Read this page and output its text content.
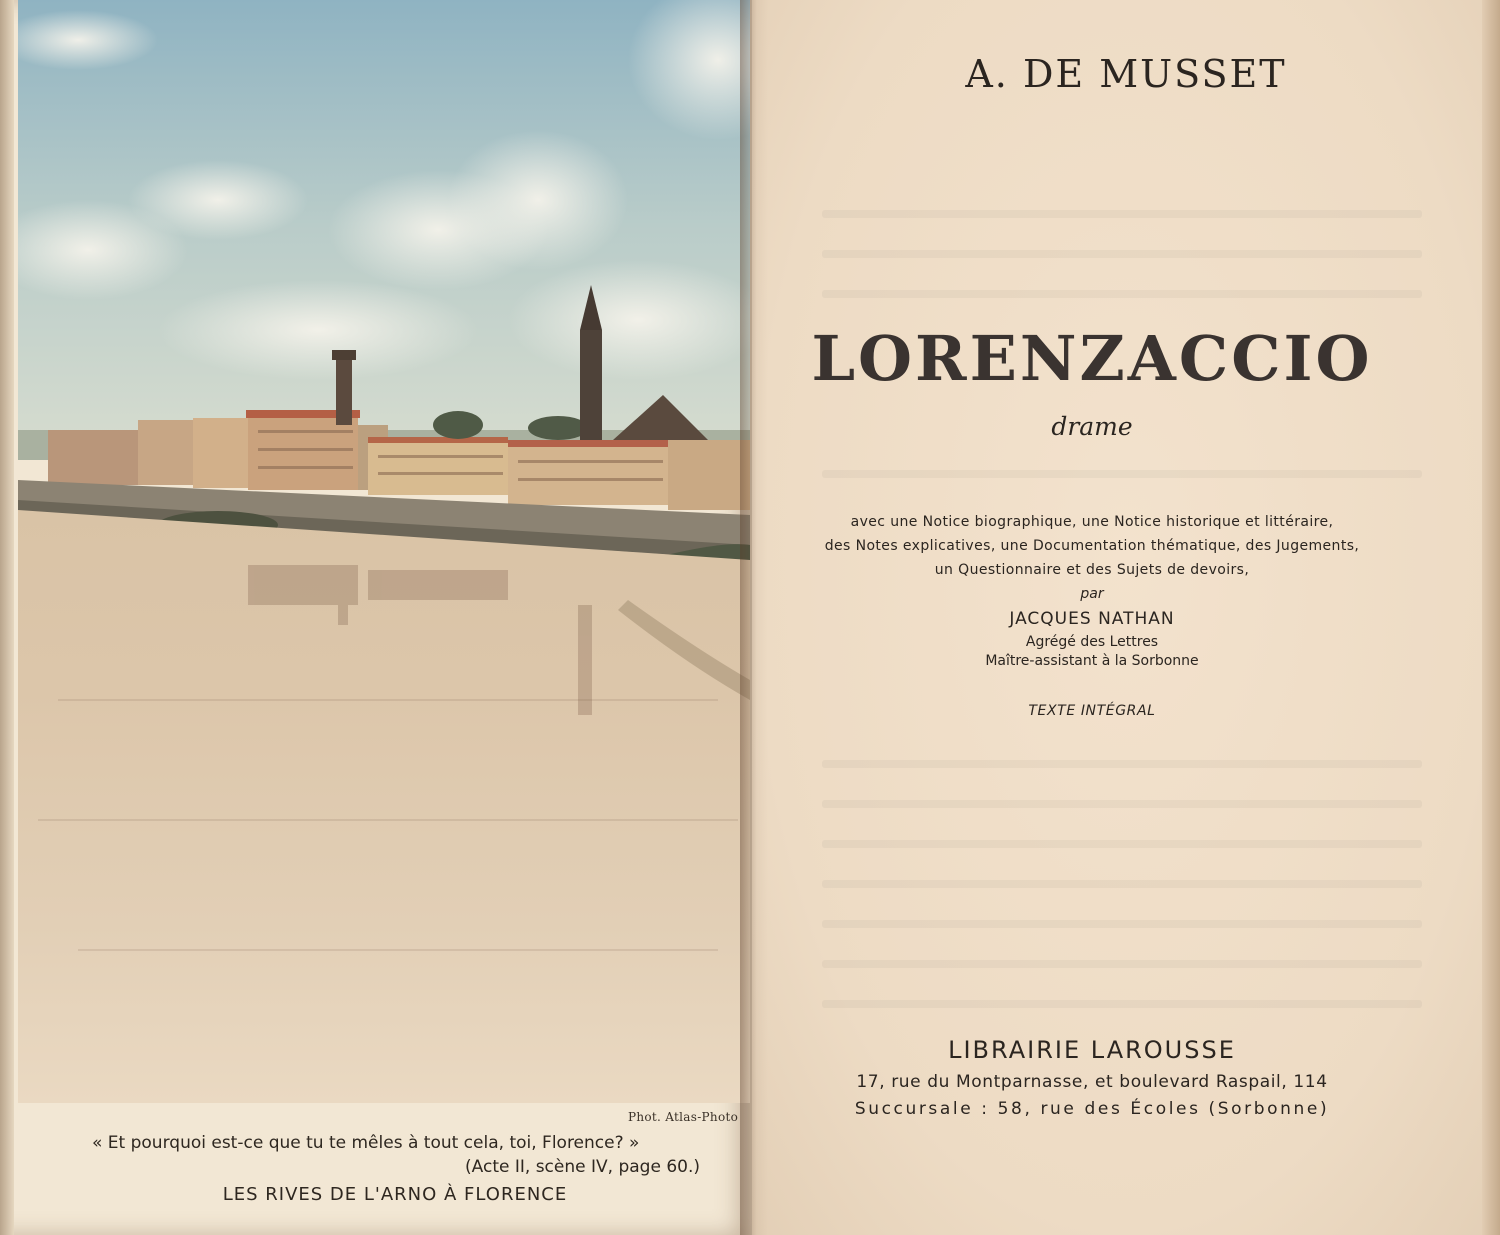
Phot. Atlas-Photo
« Et pourquoi est-ce que tu te mêles à tout cela, toi, Florence? »
(Acte II, scène IV, page 60.)
LES RIVES DE L'ARNO À FLORENCE
A. DE MUSSET
LORENZACCIO
drame
avec une Notice biographique, une Notice historique et littéraire,
des Notes explicatives, une Documentation thématique, des Jugements,
un Questionnaire et des Sujets de devoirs,
par
JACQUES NATHAN
Agrégé des Lettres
Maître-assistant à la Sorbonne
TEXTE INTÉGRAL
LIBRAIRIE LAROUSSE
17, rue du Montparnasse, et boulevard Raspail, 114
Succursale : 58, rue des Écoles (Sorbonne)
